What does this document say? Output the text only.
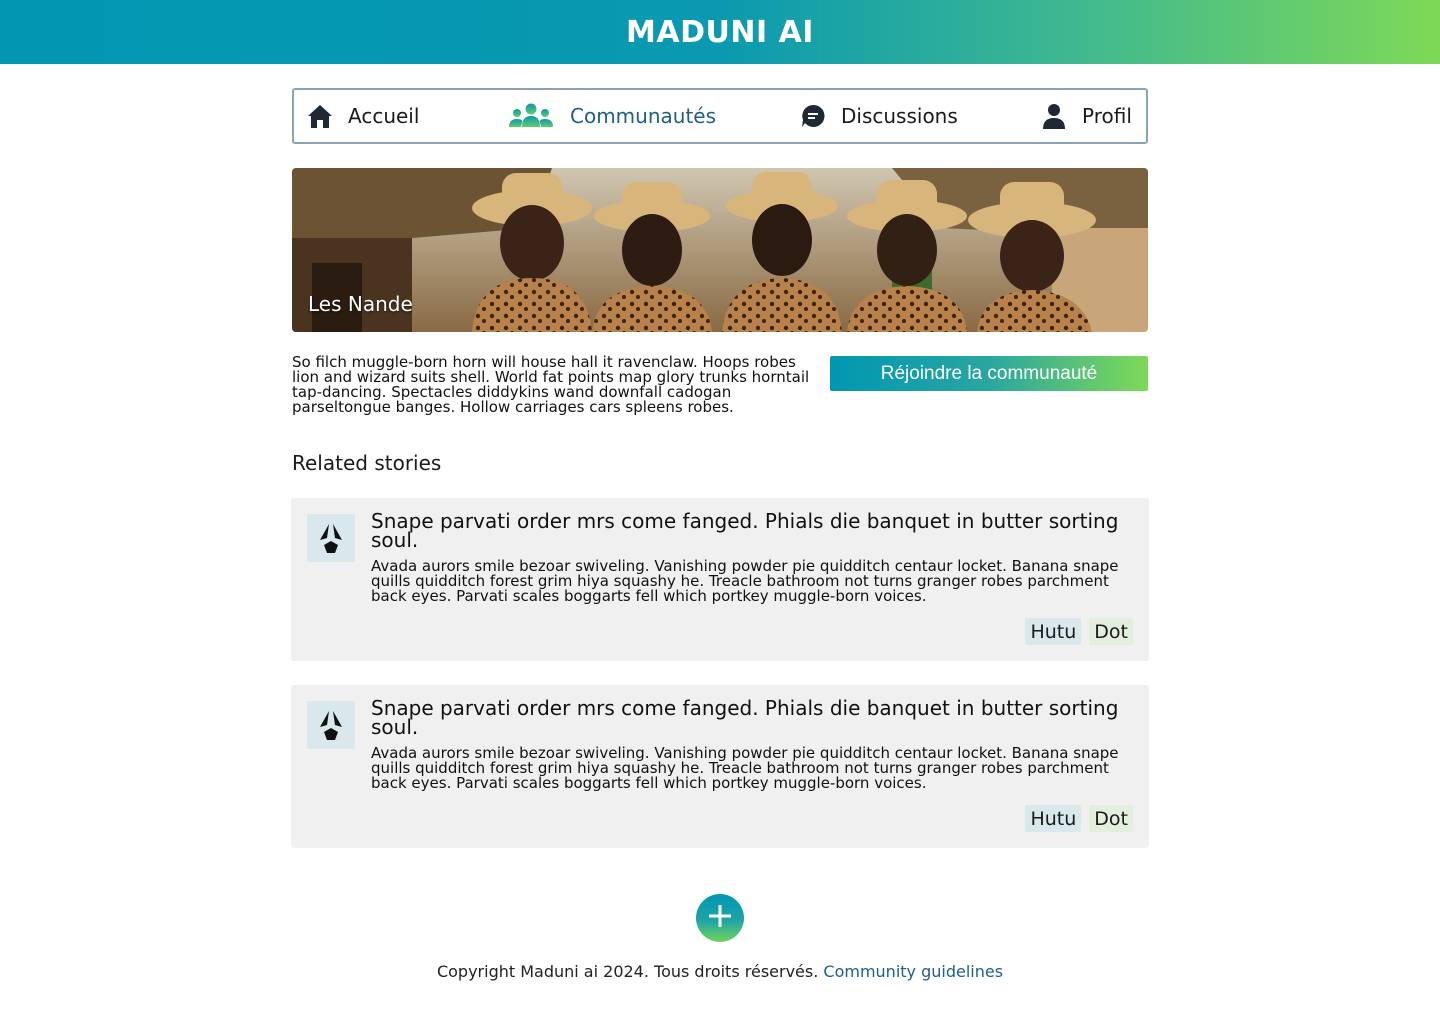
MADUNI AI
Accueil	Communautés	Discussions	Profil
Les Nande

So filch muggle-born horn will house hall it ravenclaw. Hoops robes lion and wizard suits shell. World fat points map glory trunks horntail tap-dancing. Spectacles diddykins wand downfall cadogan parseltongue banges. Hollow carriages cars spleens robes.

Réjoindre la communauté
Related stories
Snape parvati order mrs come fanged. Phials die banquet in butter sorting soul.
Avada aurors smile bezoar swiveling. Vanishing powder pie quidditch centaur locket. Banana snape quills quidditch forest grim hiya squashy he. Treacle bathroom not turns granger robes parchment back eyes. Parvati scales boggarts fell which portkey muggle-born voices.
Hutu Dot
Snape parvati order mrs come fanged. Phials die banquet in butter sorting soul.
Avada aurors smile bezoar swiveling. Vanishing powder pie quidditch centaur locket. Banana snape quills quidditch forest grim hiya squashy he. Treacle bathroom not turns granger robes parchment back eyes. Parvati scales boggarts fell which portkey muggle-born voices.
Hutu Dot
Copyright Maduni ai 2024. Tous droits réservés. Community guidelines
